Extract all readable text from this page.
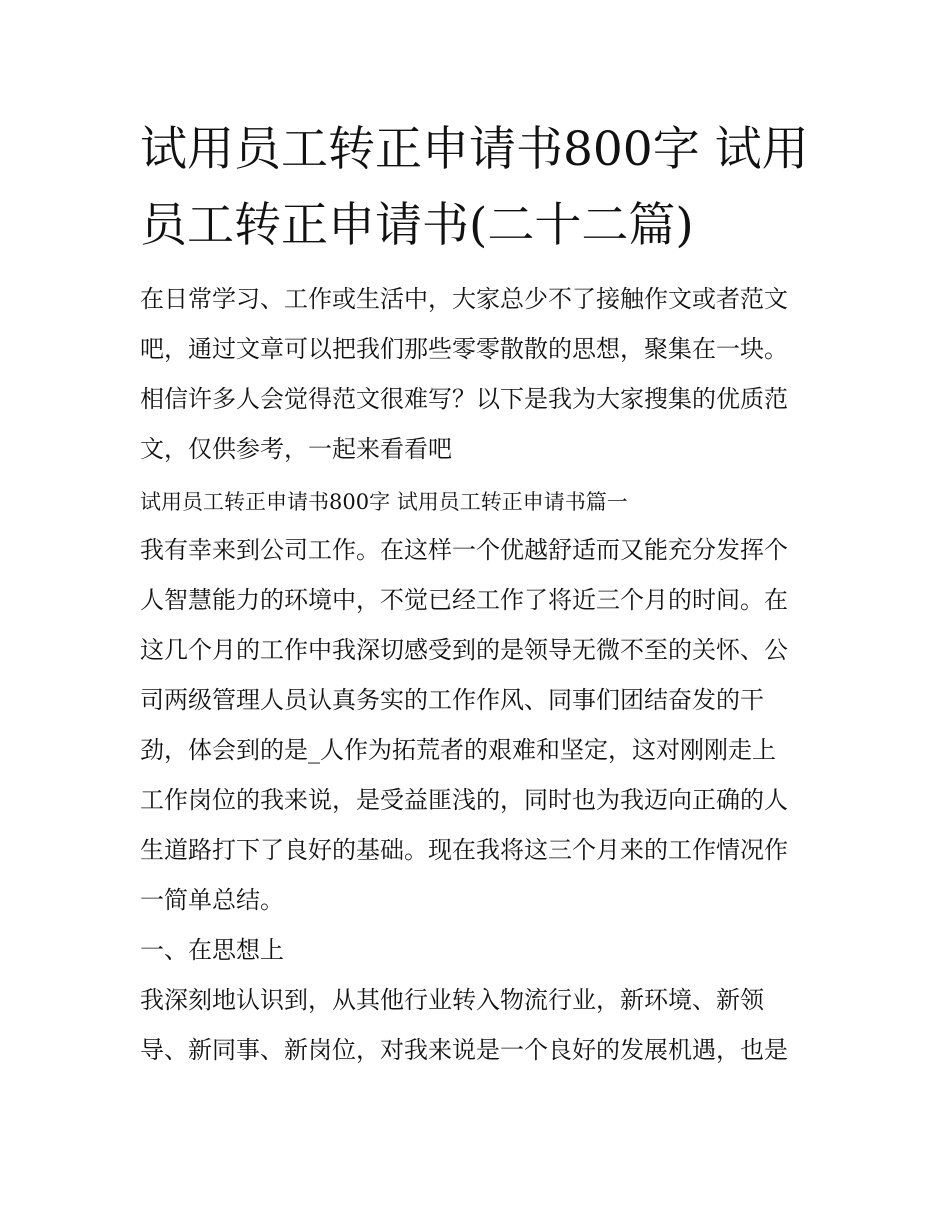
试用员工转正申请书800字 试用员工转正申请书(二十二篇)

在日常学习、工作或生活中，大家总少不了接触作文或者范文

吧，通过文章可以把我们那些零零散散的思想，聚集在一块。

相信许多人会觉得范文很难写？以下是我为大家搜集的优质范

文，仅供参考，一起来看看吧

试用员工转正申请书800字 试用员工转正申请书篇一

我有幸来到公司工作。在这样一个优越舒适而又能充分发挥个

人智慧能力的环境中，不觉已经工作了将近三个月的时间。在

这几个月的工作中我深切感受到的是领导无微不至的关怀、公

司两级管理人员认真务实的工作作风、同事们团结奋发的干

劲，体会到的是_人作为拓荒者的艰难和坚定，这对刚刚走上

工作岗位的我来说，是受益匪浅的，同时也为我迈向正确的人

生道路打下了良好的基础。现在我将这三个月来的工作情况作

一简单总结。

一、在思想上

我深刻地认识到，从其他行业转入物流行业，新环境、新领

导、新同事、新岗位，对我来说是一个良好的发展机遇，也是
